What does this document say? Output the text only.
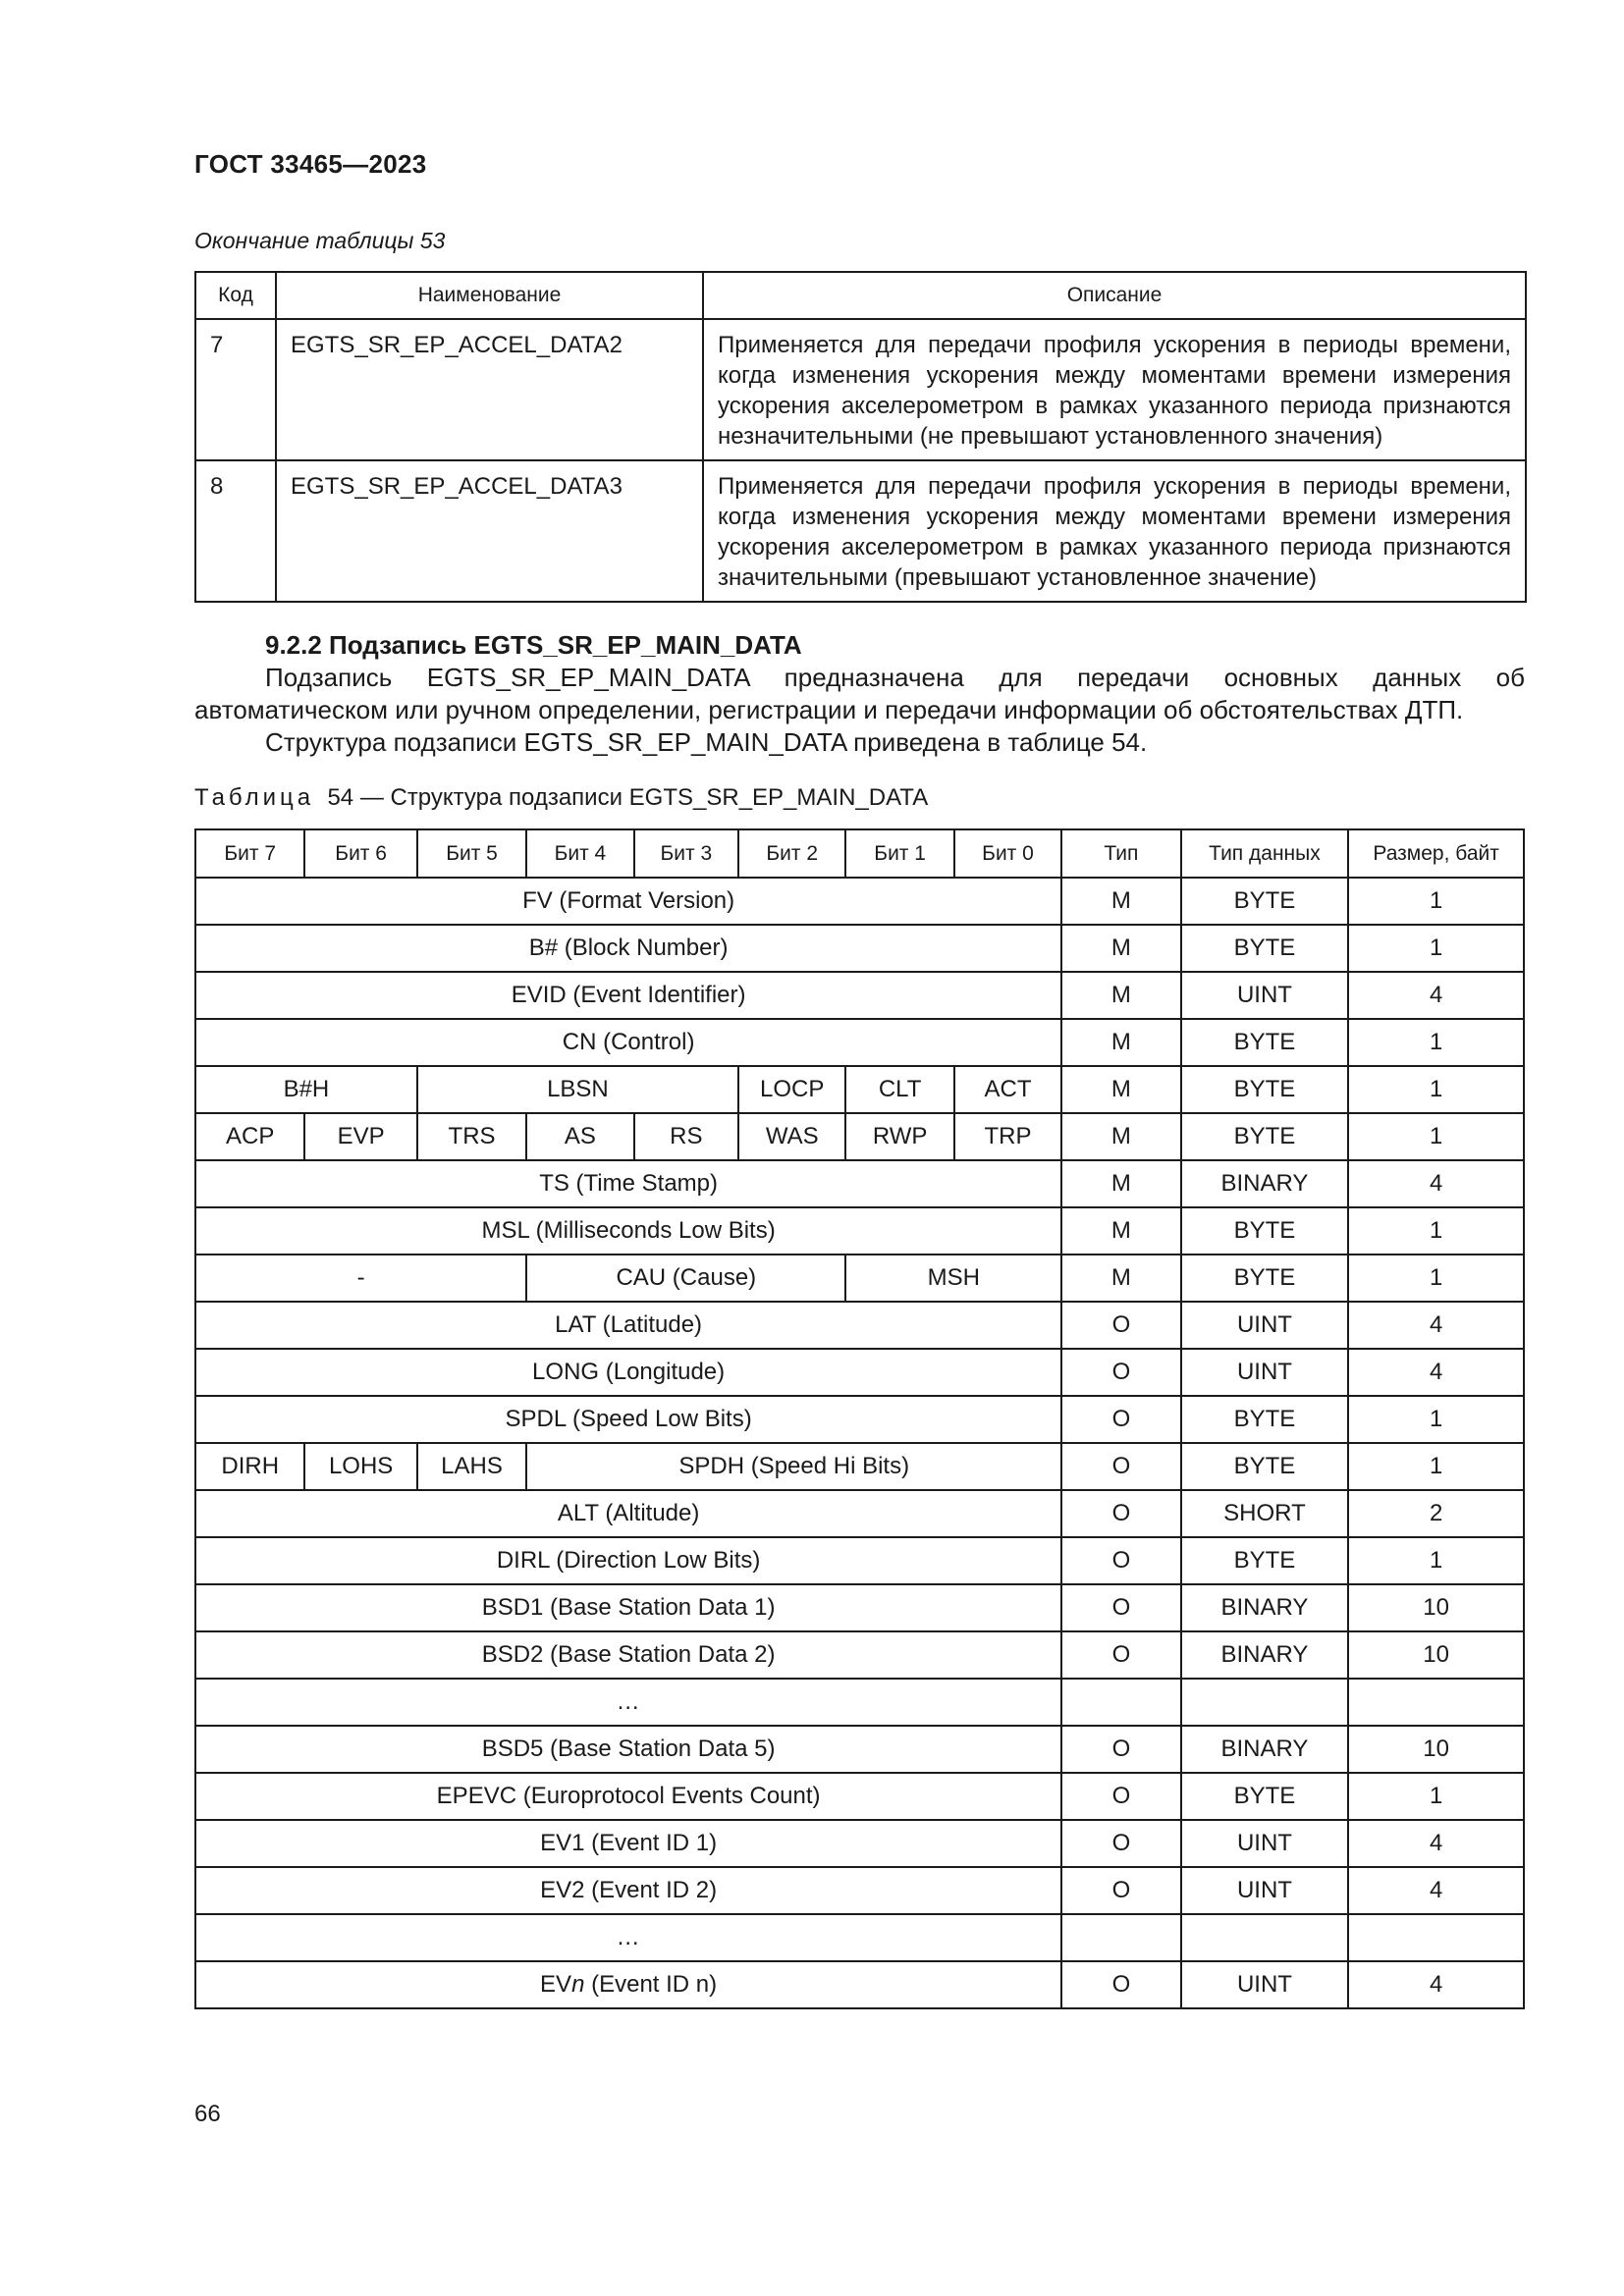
ГОСТ 33465—2023
Окончание таблицы 53
Код	Наименование	Описание
7	EGTS_SR_EP_ACCEL_DATA2	Применяется для передачи профиля ускорения в периоды времени, когда изменения ускорения между моментами времени измерения ускорения акселерометром в рамках указанного периода признаются незначительными (не превышают установленного значения)
8	EGTS_SR_EP_ACCEL_DATA3	Применяется для передачи профиля ускорения в периоды времени, когда изменения ускорения между моментами времени измерения ускорения акселерометром в рамках указанного периода признаются значительными (превышают установленное значение)
9.2.2 Подзапись EGTS_SR_EP_MAIN_DATA

Подзапись EGTS_SR_EP_MAIN_DATA предназначена для передачи основных данных об автоматическом или ручном определении, регистрации и передачи информации об обстоятельствах ДТП.

Структура подзаписи EGTS_SR_EP_MAIN_DATA приведена в таблице 54.

Таблица 54 — Структура подзаписи EGTS_SR_EP_MAIN_DATA
Бит 7	Бит 6	Бит 5	Бит 4	Бит 3	Бит 2	Бит 1	Бит 0	Тип	Тип данных	Размер, байт
FV (Format Version)								M	BYTE	1
B# (Block Number)								M	BYTE	1
EVID (Event Identifier)								M	UINT	4
CN (Control)								M	BYTE	1
B#H		LBSN			LOCP	CLT	ACT	M	BYTE	1
ACP	EVP	TRS	AS	RS	WAS	RWP	TRP	M	BYTE	1
TS (Time Stamp)								M	BINARY	4
MSL (Milliseconds Low Bits)								M	BYTE	1
-			CAU (Cause)			MSH		M	BYTE	1
LAT (Latitude)								O	UINT	4
LONG (Longitude)								O	UINT	4
SPDL (Speed Low Bits)								O	BYTE	1
DIRH	LOHS	LAHS	SPDH (Speed Hi Bits)					O	BYTE	1
ALT (Altitude)								O	SHORT	2
DIRL (Direction Low Bits)								O	BYTE	1
BSD1 (Base Station Data 1)								O	BINARY	10
BSD2 (Base Station Data 2)								O	BINARY	10
…										
BSD5 (Base Station Data 5)								O	BINARY	10
EPEVC (Europrotocol Events Count)								O	BYTE	1
EV1 (Event ID 1)								O	UINT	4
EV2 (Event ID 2)								O	UINT	4
…										
EVn (Event ID n)								O	UINT	4
66
